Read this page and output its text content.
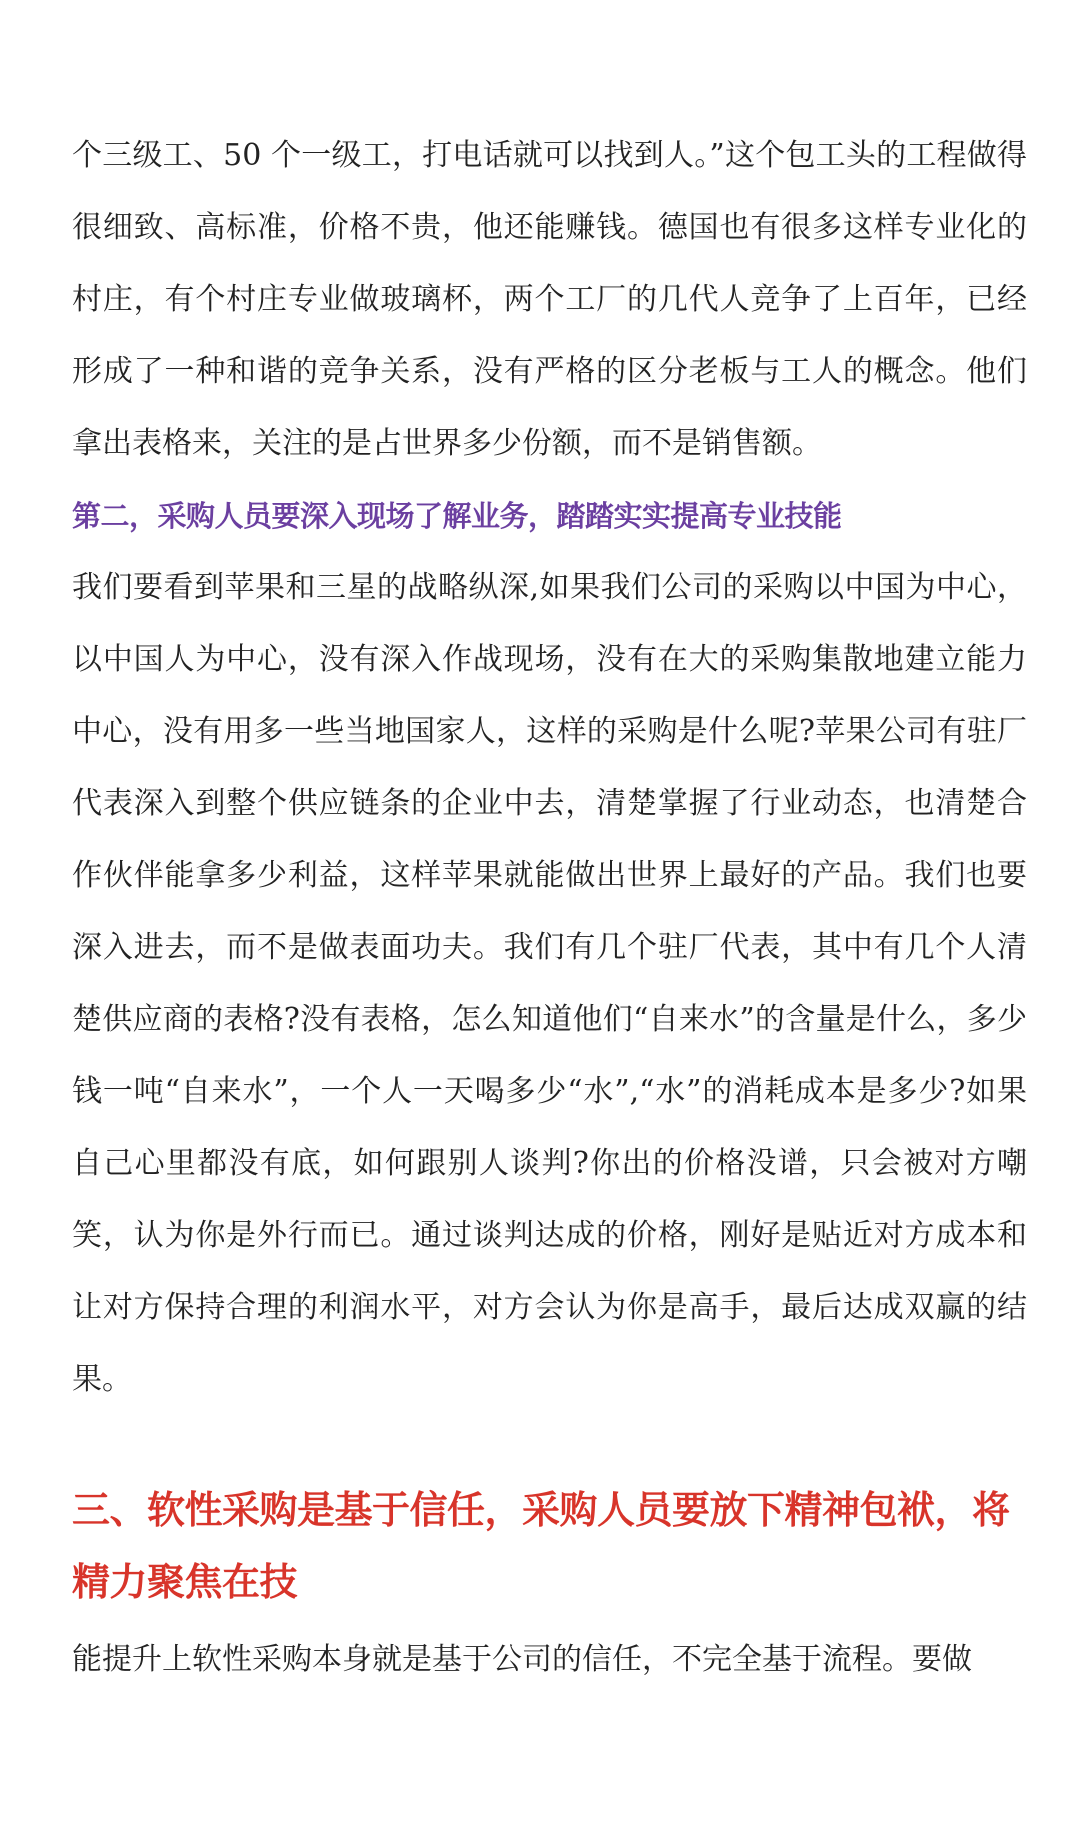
个三级工、50 个一级工，打电话就可以找到人。”这个包工头的工程做得很细致、高标准，价格不贵，他还能赚钱。德国也有很多这样专业化的村庄，有个村庄专业做玻璃杯，两个工厂的几代人竞争了上百年，已经形成了一种和谐的竞争关系，没有严格的区分老板与工人的概念。他们拿出表格来，关注的是占世界多少份额，而不是销售额。

第二，采购人员要深入现场了解业务，踏踏实实提高专业技能

我们要看到苹果和三星的战略纵深,如果我们公司的采购以中国为中心，以中国人为中心，没有深入作战现场，没有在大的采购集散地建立能力中心，没有用多一些当地国家人，这样的采购是什么呢?苹果公司有驻厂代表深入到整个供应链条的企业中去，清楚掌握了行业动态，也清楚合作伙伴能拿多少利益，这样苹果就能做出世界上最好的产品。我们也要深入进去，而不是做表面功夫。我们有几个驻厂代表，其中有几个人清楚供应商的表格?没有表格，怎么知道他们“自来水”的含量是什么，多少钱一吨“自来水”，一个人一天喝多少“水”,“水”的消耗成本是多少?如果自己心里都没有底，如何跟别人谈判?你出的价格没谱，只会被对方嘲笑，认为你是外行而已。通过谈判达成的价格，刚好是贴近对方成本和让对方保持合理的利润水平，对方会认为你是高手，最后达成双赢的结果。

三、软性采购是基于信任，采购人员要放下精神包袱，将精力聚焦在技

能提升上软性采购本身就是基于公司的信任，不完全基于流程。要做
